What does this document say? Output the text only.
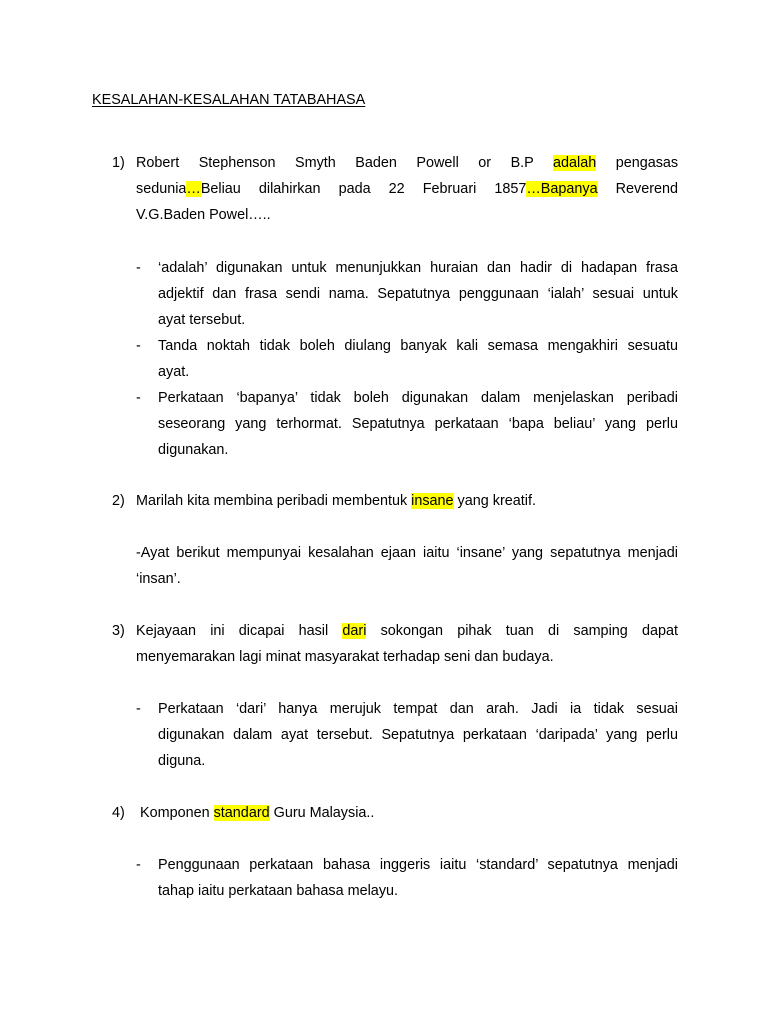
KESALAHAN-KESALAHAN TATABAHASA
1) Robert Stephenson Smyth Baden Powell or B.P adalah pengasas
sedunia…Beliau dilahirkan pada 22 Februari 1857…Bapanya Reverend
V.G.Baden Powel…..
-	‘adalah’ digunakan untuk menunjukkan huraian dan hadir di hadapan frasa
adjektif dan frasa sendi nama. Sepatutnya penggunaan ‘ialah’ sesuai untuk
ayat tersebut.
-	Tanda noktah tidak boleh diulang banyak kali semasa mengakhiri sesuatu
ayat.
-	Perkataan ‘bapanya’ tidak boleh digunakan dalam menjelaskan peribadi
seseorang yang terhormat. Sepatutnya perkataan ‘bapa beliau’ yang perlu
digunakan.
2) Marilah kita membina peribadi membentuk insane yang kreatif.
-Ayat berikut mempunyai kesalahan ejaan iaitu ‘insane’ yang sepatutnya menjadi
‘insan’.
3) Kejayaan ini dicapai hasil dari sokongan pihak tuan di samping dapat
menyemarakan lagi minat masyarakat terhadap seni dan budaya.
-	Perkataan ‘dari’ hanya merujuk tempat dan arah. Jadi ia tidak sesuai
digunakan dalam ayat tersebut. Sepatutnya perkataan ‘daripada’ yang perlu
diguna.
4) Komponen standard Guru Malaysia..
-	Penggunaan perkataan bahasa inggeris iaitu ‘standard’ sepatutnya menjadi
tahap iaitu perkataan bahasa melayu.
